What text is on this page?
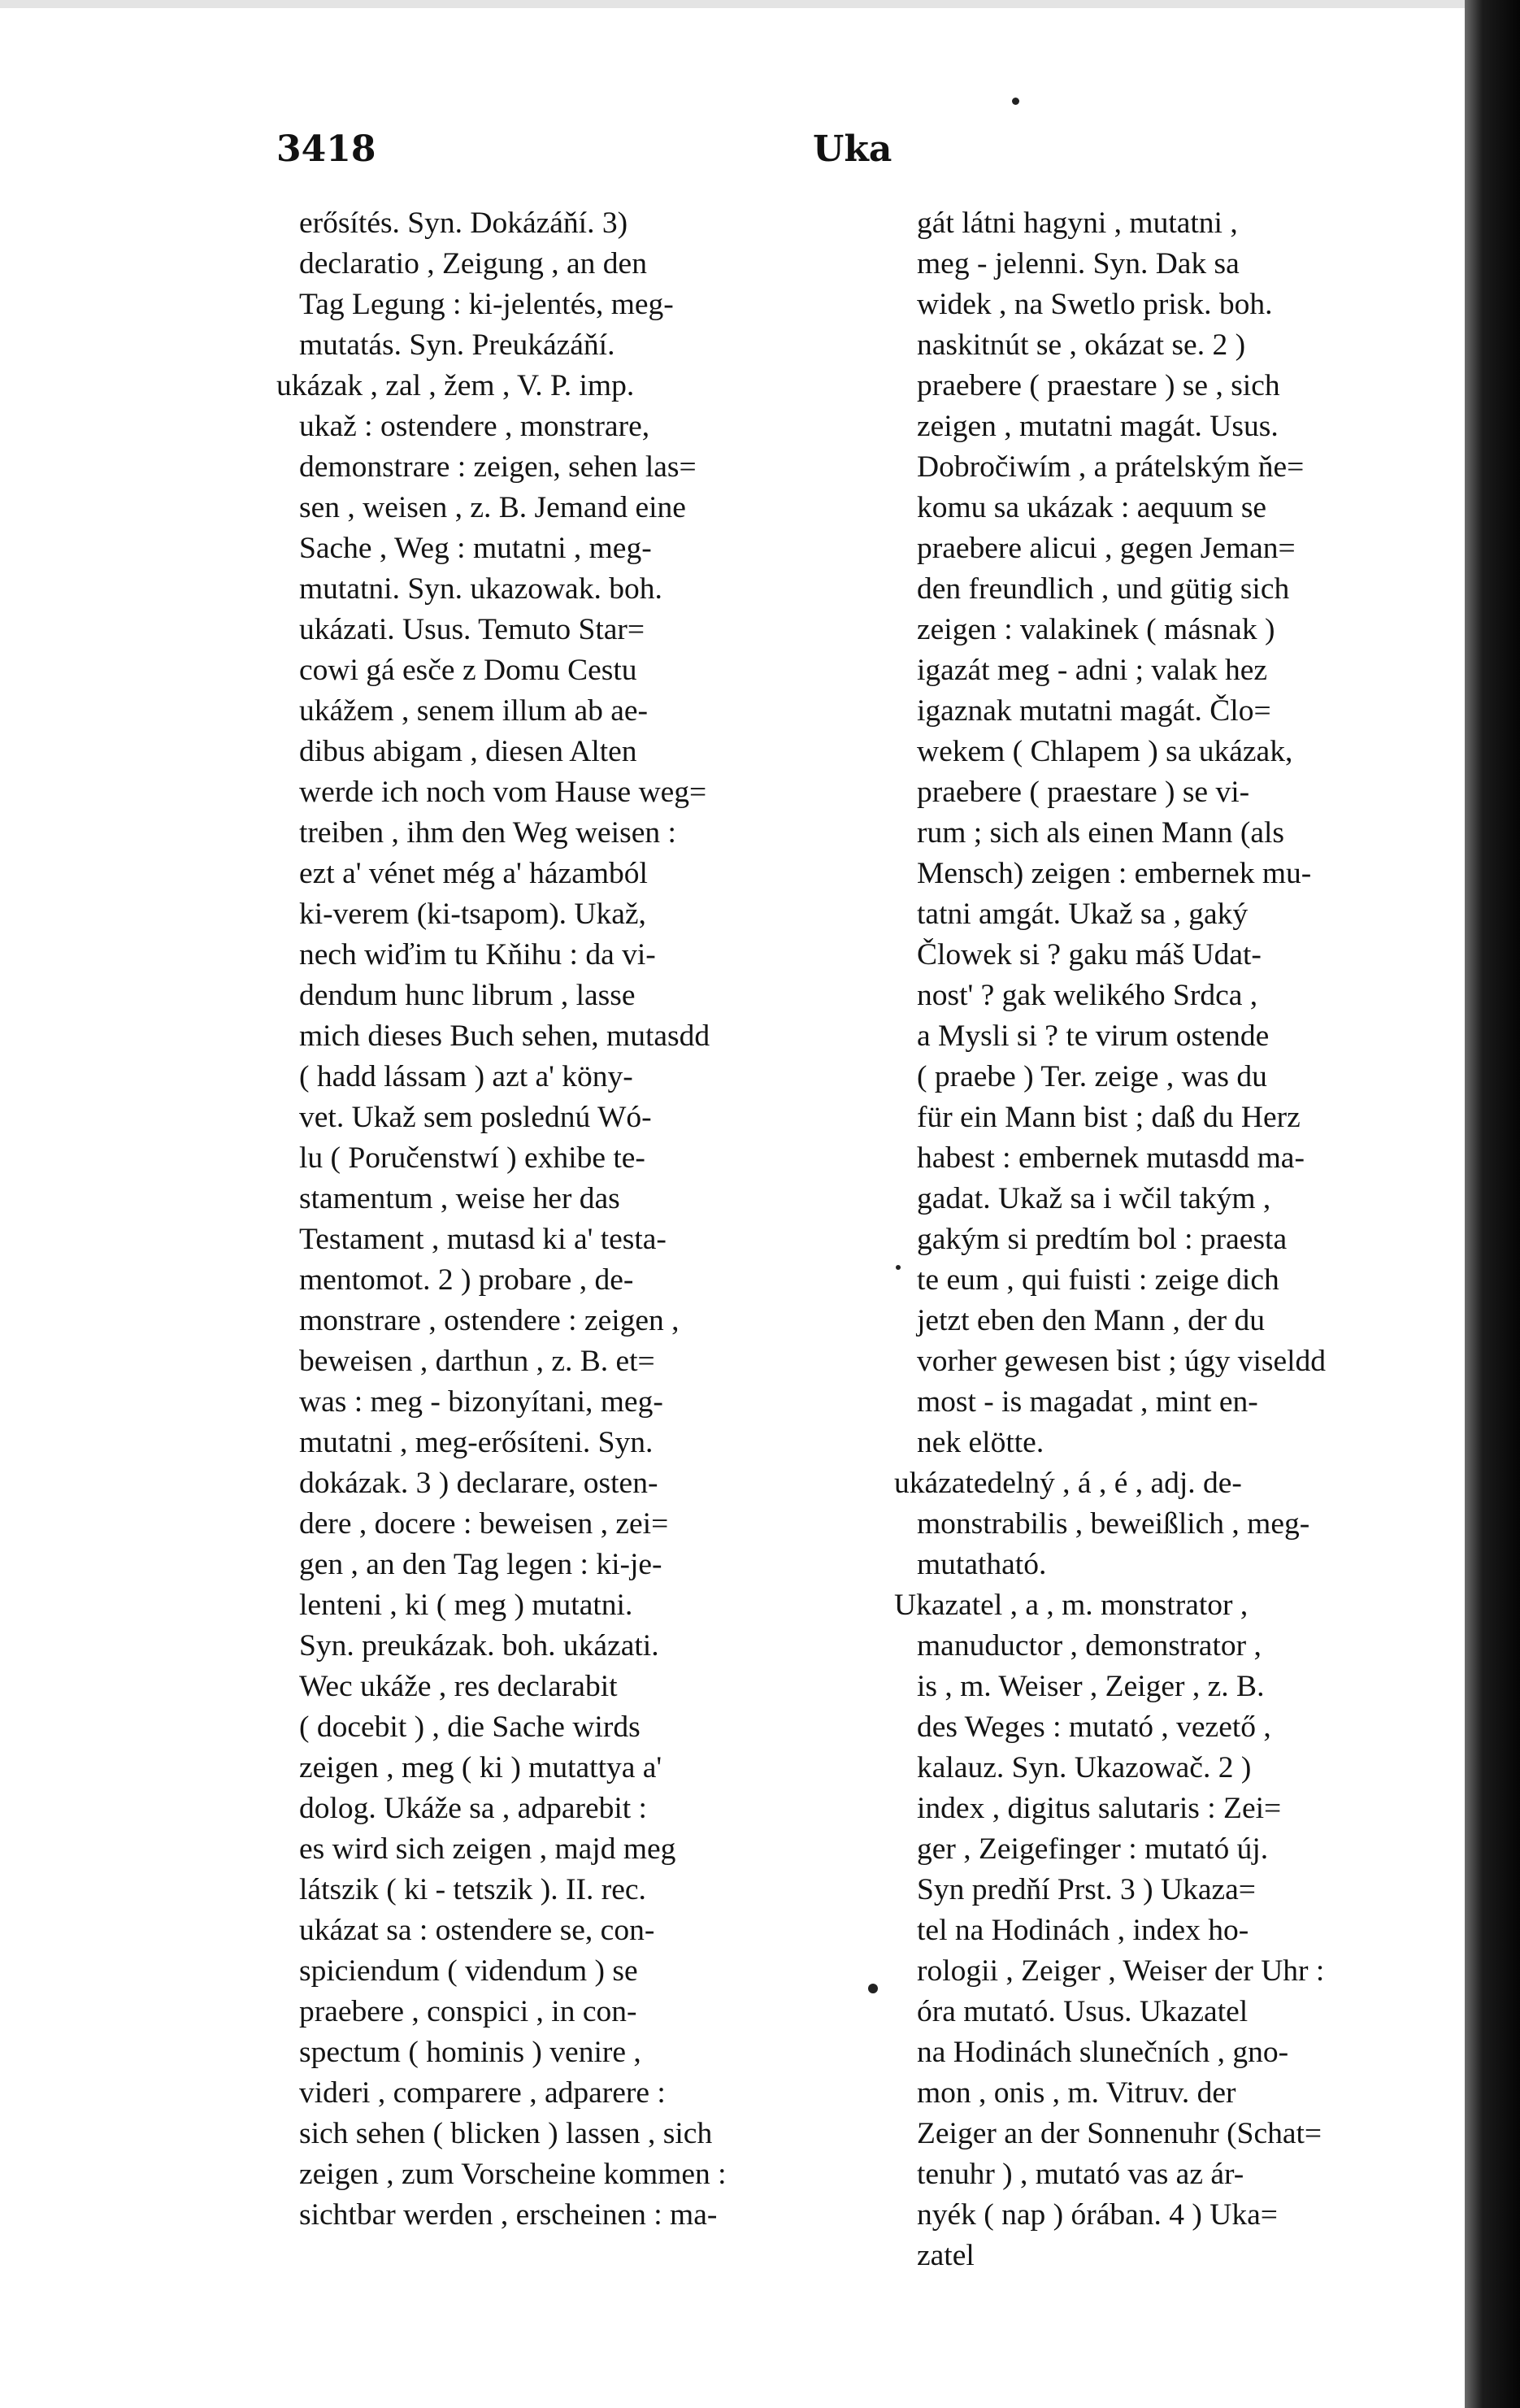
3418	Uka
erősítés. Syn. Dokázáňí. 3)
declaratio , Zeigung , an den
Tag Legung : ki-jelentés, meg-
mutatás. Syn. Preukázáňí.
ukázak , zal , žem , V. P. imp.
ukaž : ostendere , monstrare,
demonstrare : zeigen, sehen las=
sen , weisen , z. B. Jemand eine
Sache , Weg : mutatni , meg-
mutatni. Syn. ukazowak. boh.
ukázati. Usus. Temuto Star=
cowi gá esče z Domu Cestu
ukážem , senem illum ab ae-
dibus abigam , diesen Alten
werde ich noch vom Hause weg=
treiben , ihm den Weg weisen :
ezt a' vénet még a' házamból
ki-verem (ki-tsapom). Ukaž,
nech wiďim tu Kňihu : da vi-
dendum hunc librum , lasse
mich dieses Buch sehen, mutasdd
( hadd lássam ) azt a' köny-
vet. Ukaž sem poslednú Wó-
lu ( Poručenstwí ) exhibe te-
stamentum , weise her das
Testament , mutasd ki a' testa-
mentomot. 2 ) probare , de-
monstrare , ostendere : zeigen ,
beweisen , darthun , z. B. et=
was : meg - bizonyítani, meg-
mutatni , meg-erősíteni. Syn.
dokázak. 3 ) declarare, osten-
dere , docere : beweisen , zei=
gen , an den Tag legen : ki-je-
lenteni , ki ( meg ) mutatni.
Syn. preukázak. boh. ukázati.
Wec ukáže , res declarabit
( docebit ) , die Sache wirds
zeigen , meg ( ki ) mutattya a'
dolog. Ukáže sa , adparebit :
es wird sich zeigen , majd meg
látszik ( ki - tetszik ). II. rec.
ukázat sa : ostendere se, con-
spiciendum ( videndum ) se
praebere , conspici , in con-
spectum ( hominis ) venire ,
videri , comparere , adparere :
sich sehen ( blicken ) lassen , sich
zeigen , zum Vorscheine kommen :
sichtbar werden , erscheinen : ma-
gát látni hagyni , mutatni ,
meg - jelenni. Syn. Dak sa
widek , na Swetlo prisk. boh.
naskitnút se , okázat se. 2 )
praebere ( praestare ) se , sich
zeigen , mutatni magát. Usus.
Dobročiwím , a prátelským ňe=
komu sa ukázak : aequum se
praebere alicui , gegen Jeman=
den freundlich , und gütig sich
zeigen : valakinek ( másnak )
igazát meg - adni ; valak hez
igaznak mutatni magát. Člo=
wekem ( Chlapem ) sa ukázak,
praebere ( praestare ) se vi-
rum ; sich als einen Mann (als
Mensch) zeigen : embernek mu-
tatni amgát. Ukaž sa , gaký
Člowek si ? gaku máš Udat-
nost' ? gak welikého Srdca ,
a Mysli si ? te virum ostende
( praebe ) Ter. zeige , was du
für ein Mann bist ; daß du Herz
habest : embernek mutasdd ma-
gadat. Ukaž sa i wčil takým ,
gakým si predtím bol : praesta
te eum , qui fuisti : zeige dich
jetzt eben den Mann , der du
vorher gewesen bist ; úgy viseldd
most - is magadat , mint en-
nek elötte.
ukázatedelný , á , é , adj. de-
monstrabilis , beweißlich , meg-
mutatható.
Ukazatel , a , m. monstrator ,
manuductor , demonstrator ,
is , m. Weiser , Zeiger , z. B.
des Weges : mutató , vezető ,
kalauz. Syn. Ukazowač. 2 )
index , digitus salutaris : Zei=
ger , Zeigefinger : mutató új.
Syn predňí Prst. 3 ) Ukaza=
tel na Hodinách , index ho-
rologii , Zeiger , Weiser der Uhr :
óra mutató. Usus. Ukazatel
na Hodinách slunečních , gno-
mon , onis , m. Vitruv. der
Zeiger an der Sonnenuhr (Schat=
tenuhr ) , mutató vas az ár-
nyék ( nap ) órában. 4 ) Uka=
zatel
